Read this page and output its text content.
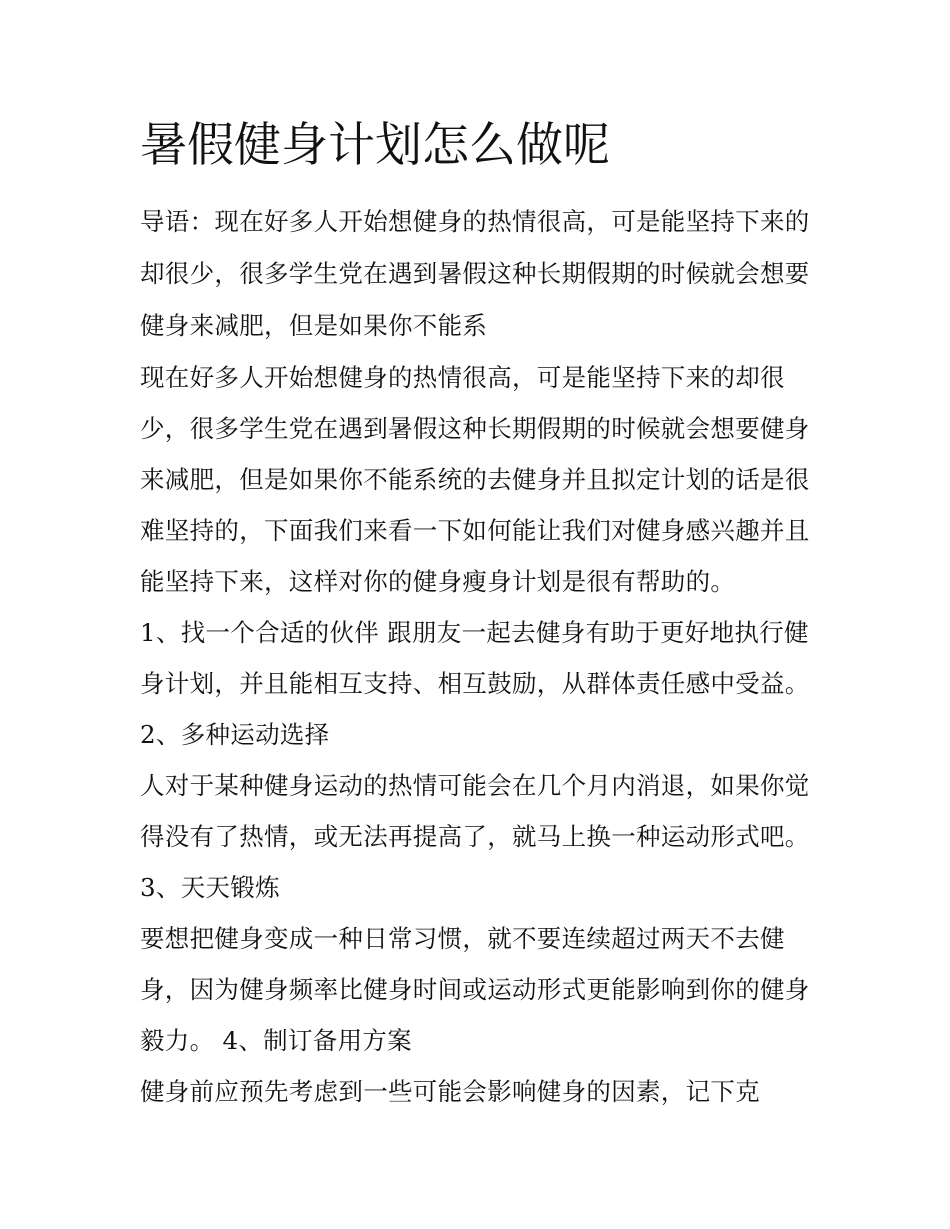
暑假健身计划怎么做呢

导语：现在好多人开始想健身的热情很高，可是能坚持下来的

却很少，很多学生党在遇到暑假这种长期假期的时候就会想要

健身来减肥，但是如果你不能系

现在好多人开始想健身的热情很高，可是能坚持下来的却很

少，很多学生党在遇到暑假这种长期假期的时候就会想要健身

来减肥，但是如果你不能系统的去健身并且拟定计划的话是很

难坚持的，下面我们来看一下如何能让我们对健身感兴趣并且

能坚持下来，这样对你的健身瘦身计划是很有帮助的。

1、找一个合适的伙伴 跟朋友一起去健身有助于更好地执行健

身计划，并且能相互支持、相互鼓励，从群体责任感中受益。

2、多种运动选择

人对于某种健身运动的热情可能会在几个月内消退，如果你觉

得没有了热情，或无法再提高了，就马上换一种运动形式吧。

3、天天锻炼

要想把健身变成一种日常习惯，就不要连续超过两天不去健

身，因为健身频率比健身时间或运动形式更能影响到你的健身

毅力。 4、制订备用方案

健身前应预先考虑到一些可能会影响健身的因素，记下克
